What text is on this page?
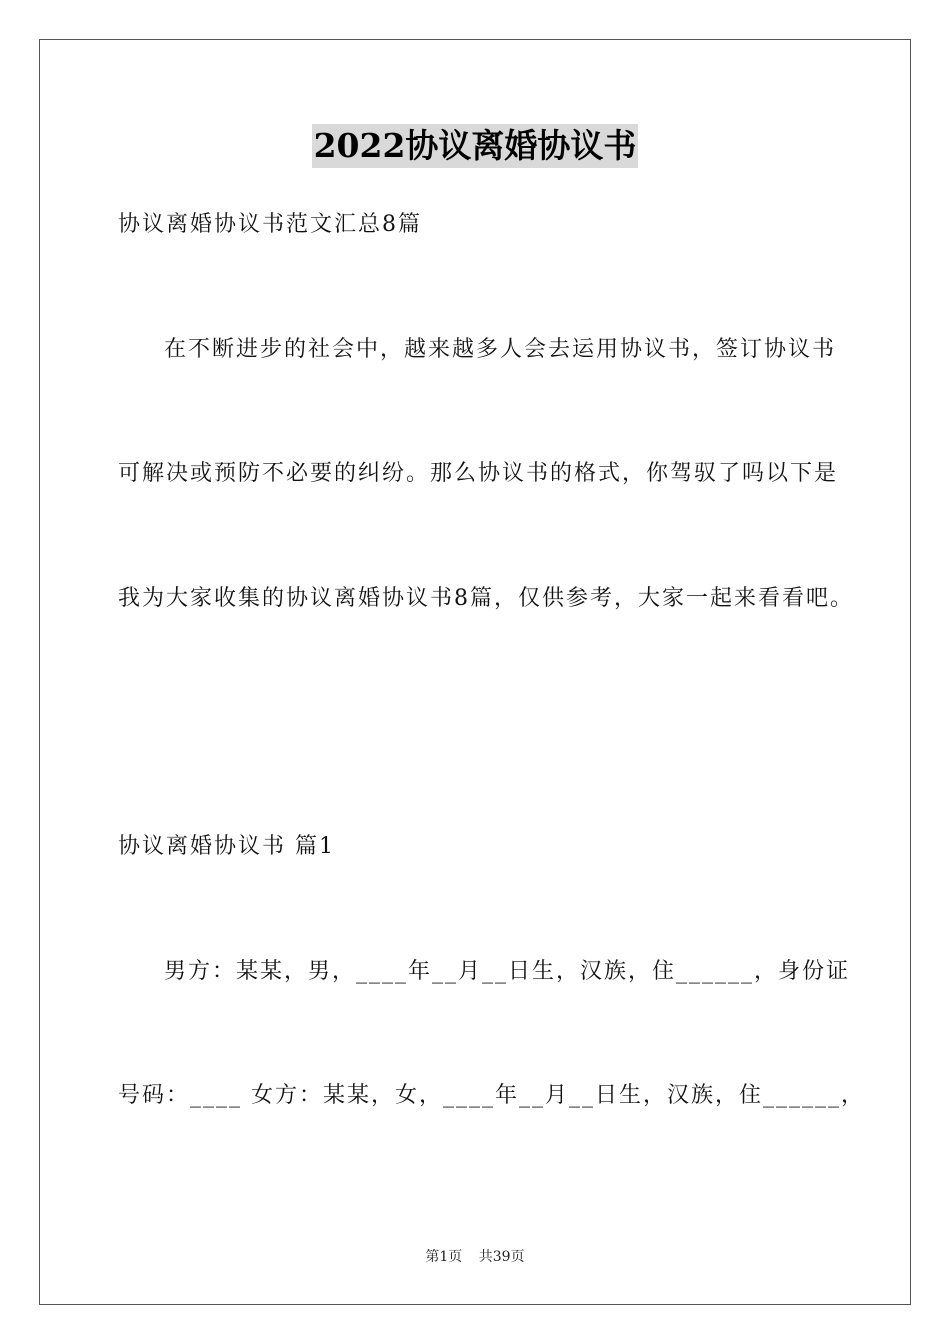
2022协议离婚协议书
协议离婚协议书范文汇总8篇
在不断进步的社会中，越来越多人会去运用协议书，签订协议书
可解决或预防不必要的纠纷。那么协议书的格式，你驾驭了吗以下是
我为大家收集的协议离婚协议书8篇，仅供参考，大家一起来看看吧。
协议离婚协议书 篇1
男方：某某，男，____年__月__日生，汉族，住______，身份证
号码：____ 女方：某某，女，____年__月__日生，汉族，住______，
第1页 共39页
